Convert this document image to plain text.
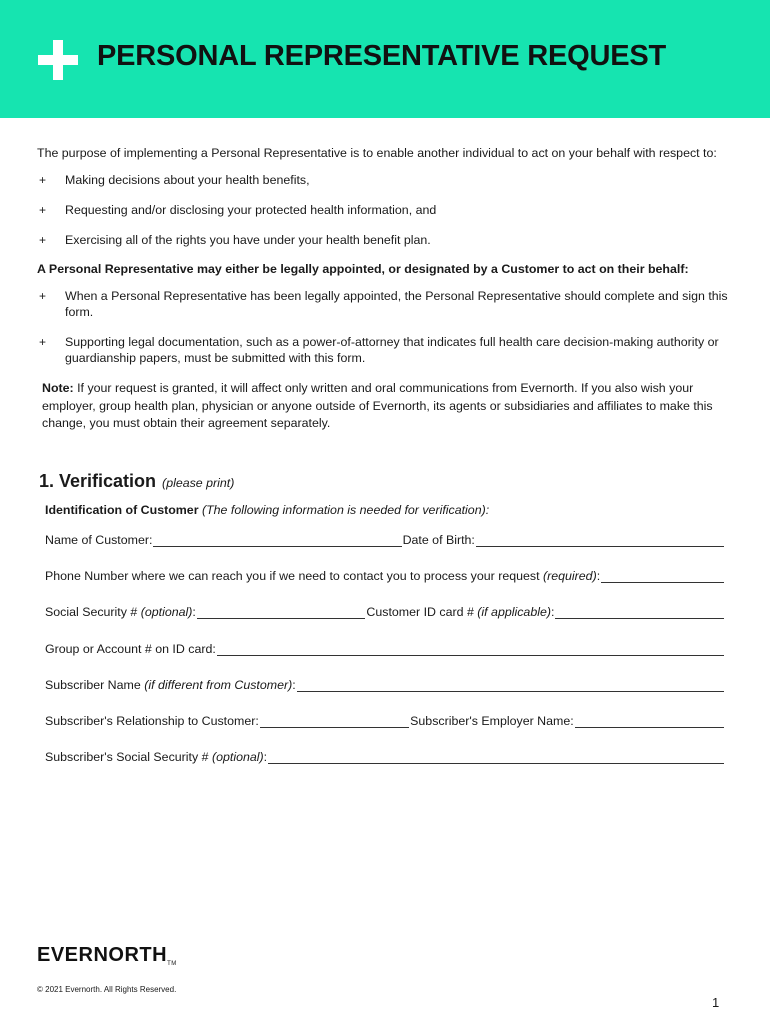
PERSONAL REPRESENTATIVE REQUEST

The purpose of implementing a Personal Representative is to enable another individual to act on your behalf with respect to:

+ Making decisions about your health benefits,
+ Requesting and/or disclosing your protected health information, and
+ Exercising all of the rights you have under your health benefit plan.
A Personal Representative may either be legally appointed, or designated by a Customer to act on their behalf:
+ When a Personal Representative has been legally appointed, the Personal Representative should complete and sign this form.
+ Supporting legal documentation, such as a power-of-attorney that indicates full health care decision-making authority or guardianship papers, must be submitted with this form.

Note: If your request is granted, it will affect only written and oral communications from Evernorth. If you also wish your employer, group health plan, physician or anyone outside of Evernorth, its agents or subsidiaries and affiliates to make this change, you must obtain their agreement separately.

1. Verification (please print)
Identification of Customer (The following information is needed for verification):
Name of Customer:	Date of Birth:
Phone Number where we can reach you if we need to contact you to process your request (required):
Social Security # (optional):	Customer ID card # (if applicable):
Group or Account # on ID card:
Subscriber Name (if different from Customer):
Subscriber's Relationship to Customer:	Subscriber's Employer Name:
Subscriber's Social Security # (optional):
EVERNORTHTM
© 2021 Evernorth. All Rights Reserved.
1
